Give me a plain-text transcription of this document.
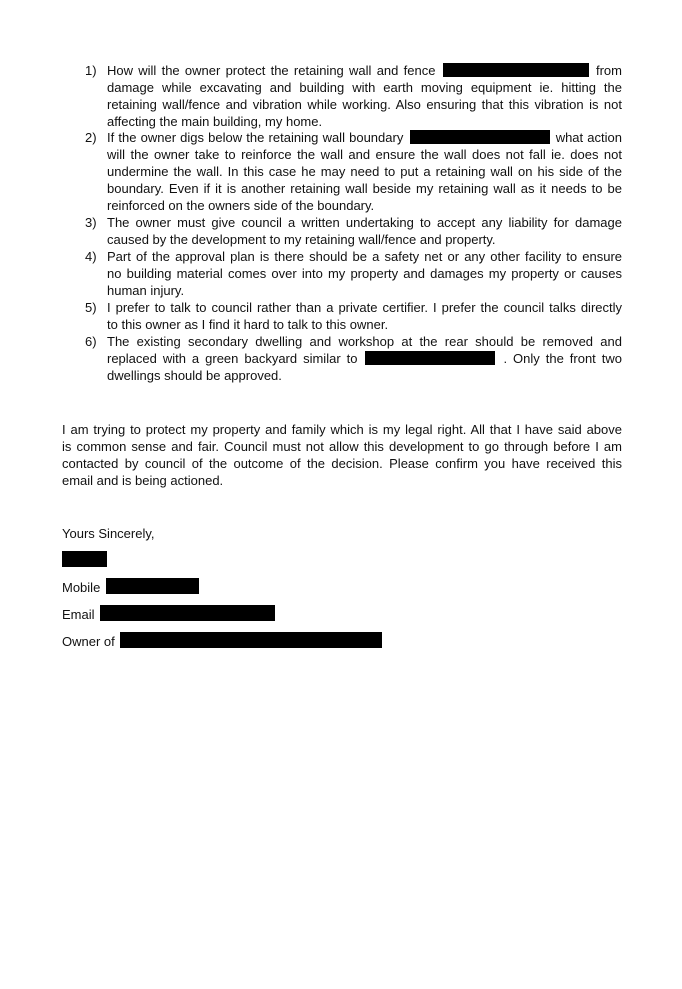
1) How will the owner protect the retaining wall and fence	from
damage while excavating and building with earth moving equipment ie. hitting the
retaining wall/fence and vibration while working. Also ensuring that this vibration is not
affecting the main building, my home.
2) If the owner digs below the retaining wall boundary	what action
will the owner take to reinforce the wall and ensure the wall does not fall ie. does not
undermine the wall. In this case he may need to put a retaining wall on his side of the
boundary. Even if it is another retaining wall beside my retaining wall as it needs to be
reinforced on the owners side of the boundary.
3) The owner must give council a written undertaking to accept any liability for damage
caused by the development to my retaining wall/fence and property.
4) Part of the approval plan is there should be a safety net or any other facility to ensure
no building material comes over into my property and damages my property or causes
human injury.
5) I prefer to talk to council rather than a private certifier. I prefer the council talks directly
to this owner as I find it hard to talk to this owner.
6) The existing secondary dwelling and workshop at the rear should be removed and
replaced with a green backyard similar to	. Only the front two
dwellings should be approved.
I am trying to protect my property and family which is my legal right. All that I have said above
is common sense and fair. Council must not allow this development to go through before I am
contacted by council of the outcome of the decision. Please confirm you have received this
email and is being actioned.
Yours Sincerely,
Mobile
Email
Owner of
